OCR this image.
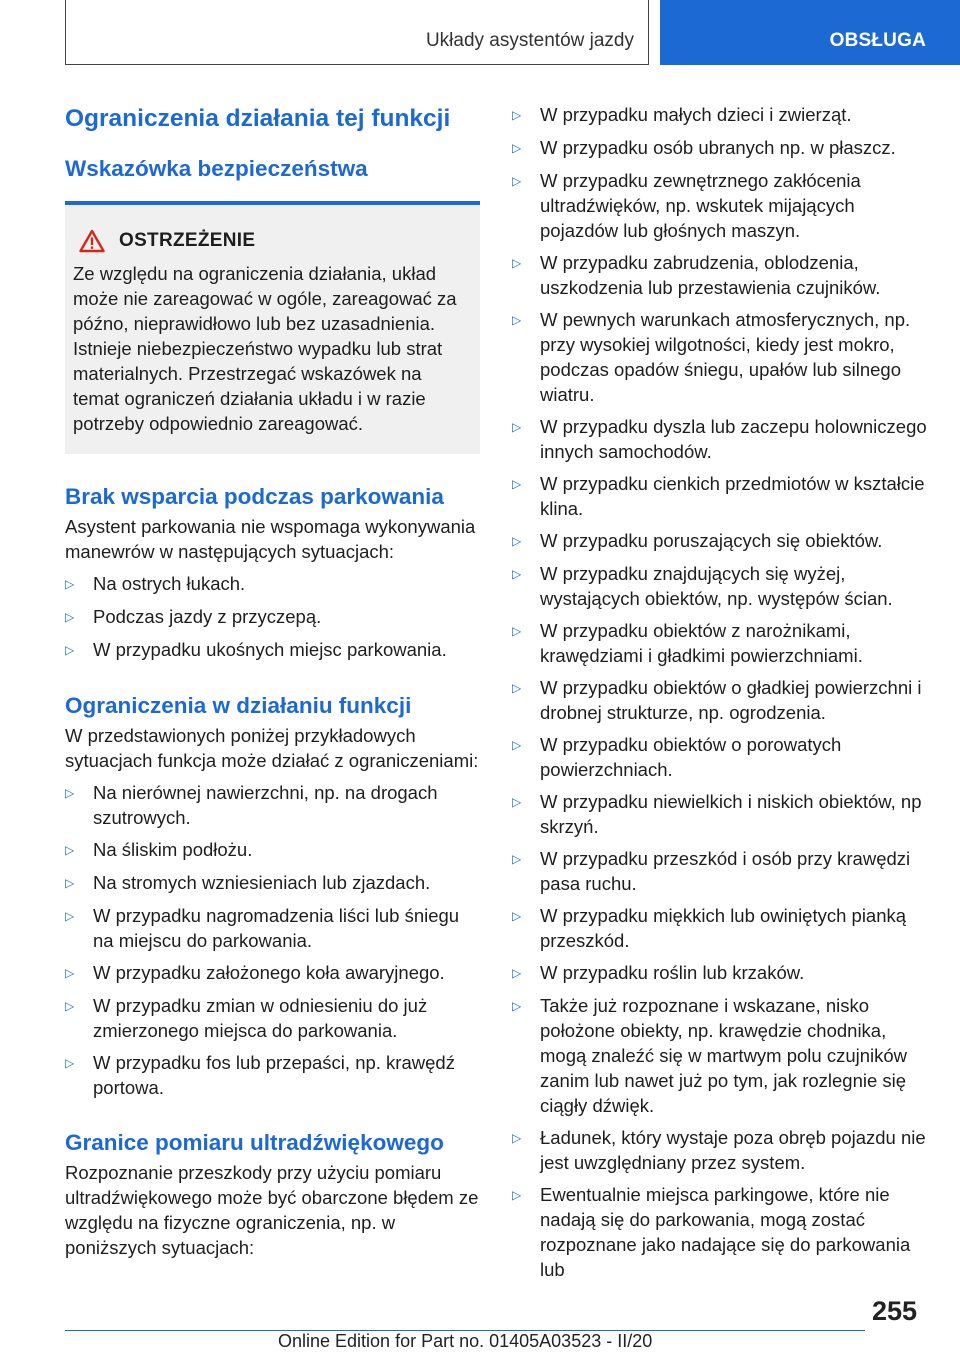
Układy asystentów jazdy	OBSŁUGA
Ograniczenia działania tej funkcji
Wskazówka bezpieczeństwa
OSTRZEŻENIE

Ze względu na ograniczenia działania, układ może nie zareagować w ogóle, zareagować za późno, nieprawidłowo lub bez uzasadnienia. Istnieje niebezpieczeństwo wypadku lub strat materialnych. Przestrzegać wskazówek na temat ograniczeń działania układu i w razie potrzeby odpowiednio zareagować.

Brak wsparcia podczas parkowania

Asystent parkowania nie wspomaga wykonywania manewrów w następujących sytuacjach:

▷	Na ostrych łukach.
▷	Podczas jazdy z przyczepą.
▷	W przypadku ukośnych miejsc parkowania.
Ograniczenia w działaniu funkcji

W przedstawionych poniżej przykładowych sytuacjach funkcja może działać z ograniczeniami:

▷	Na nierównej nawierzchni, np. na drogach szutrowych.
▷	Na śliskim podłożu.
▷	Na stromych wzniesieniach lub zjazdach.
▷	W przypadku nagromadzenia liści lub śniegu na miejscu do parkowania.
▷	W przypadku założonego koła awaryjnego.
▷	W przypadku zmian w odniesieniu do już zmierzonego miejsca do parkowania.
▷	W przypadku fos lub przepaści, np. krawędź portowa.
Granice pomiaru ultradźwiękowego

Rozpoznanie przeszkody przy użyciu pomiaru ultradźwiękowego może być obarczone błędem ze względu na fizyczne ograniczenia, np. w poniższych sytuacjach:

▷	W przypadku małych dzieci i zwierząt.
▷	W przypadku osób ubranych np. w płaszcz.
▷	W przypadku zewnętrznego zakłócenia ultradźwięków, np. wskutek mijających pojazdów lub głośnych maszyn.
▷	W przypadku zabrudzenia, oblodzenia, uszkodzenia lub przestawienia czujników.
▷	W pewnych warunkach atmosferycznych, np. przy wysokiej wilgotności, kiedy jest mokro, podczas opadów śniegu, upałów lub silnego wiatru.
▷	W przypadku dyszla lub zaczepu holowniczego innych samochodów.
▷	W przypadku cienkich przedmiotów w kształcie klina.
▷	W przypadku poruszających się obiektów.
▷	W przypadku znajdujących się wyżej, wystających obiektów, np. występów ścian.
▷	W przypadku obiektów z narożnikami, krawędziami i gładkimi powierzchniami.
▷	W przypadku obiektów o gładkiej powierzchni i drobnej strukturze, np. ogrodzenia.
▷	W przypadku obiektów o porowatych powierzchniach.
▷	W przypadku niewielkich i niskich obiektów, np skrzyń.
▷	W przypadku przeszkód i osób przy krawędzi pasa ruchu.
▷	W przypadku miękkich lub owiniętych pianką przeszkód.
▷	W przypadku roślin lub krzaków.
▷	Także już rozpoznane i wskazane, nisko położone obiekty, np. krawędzie chodnika, mogą znaleźć się w martwym polu czujników zanim lub nawet już po tym, jak rozlegnie się ciągły dźwięk.
▷	Ładunek, który wystaje poza obręb pojazdu nie jest uwzględniany przez system.
▷	Ewentualnie miejsca parkingowe, które nie nadają się do parkowania, mogą zostać rozpoznane jako nadające się do parkowania lub
255
Online Edition for Part no. 01405A03523 - II/20
